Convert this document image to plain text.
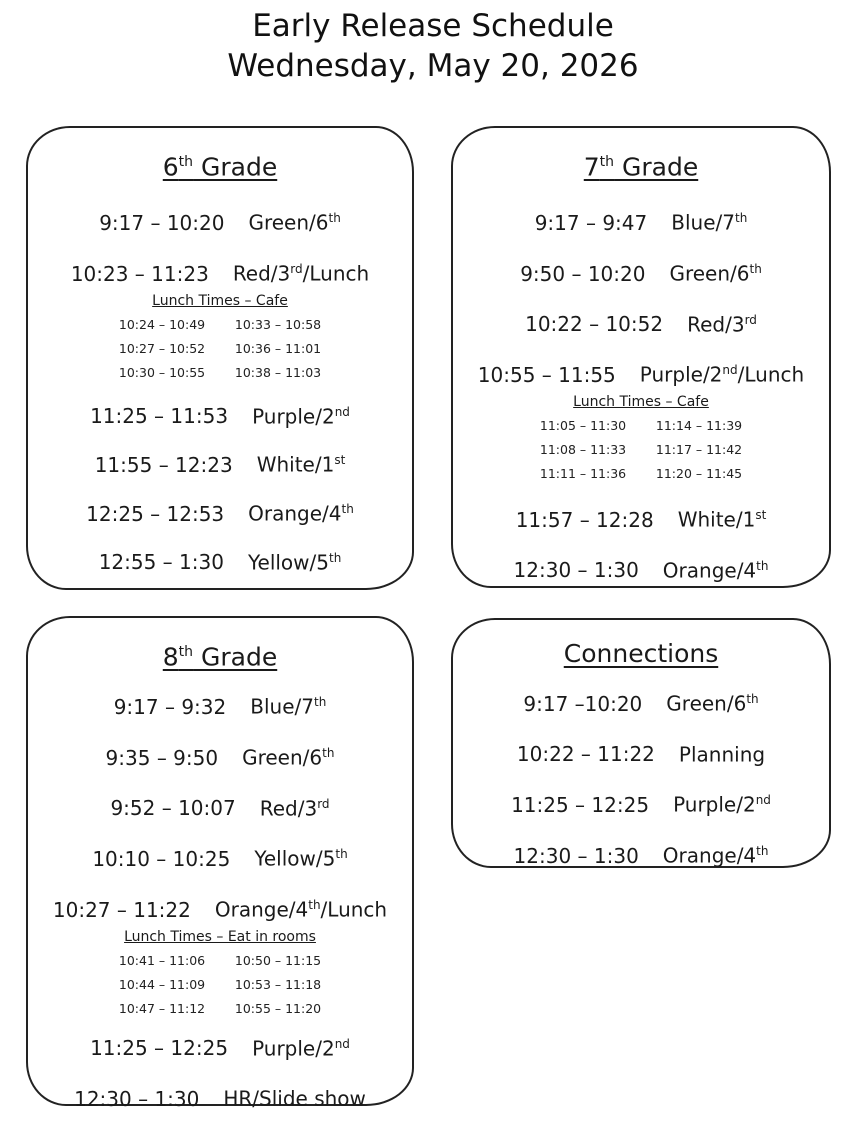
Early Release Schedule
Wednesday, May 20, 2026
6th Grade
9:17 – 10:20 Green/6th
10:23 – 11:23 Red/3rd/Lunch
Lunch Times – Cafe
10:24 – 10:49	10:33 – 10:58
10:27 – 10:52	10:36 – 11:01
10:30 – 10:55	10:38 – 11:03
11:25 – 11:53 Purple/2nd
11:55 – 12:23 White/1st
12:25 – 12:53 Orange/4th
12:55 – 1:30 Yellow/5th
7th Grade
9:17 – 9:47 Blue/7th
9:50 – 10:20 Green/6th
10:22 – 10:52 Red/3rd
10:55 – 11:55 Purple/2nd/Lunch
Lunch Times – Cafe
11:05 – 11:30	11:14 – 11:39
11:08 – 11:33	11:17 – 11:42
11:11 – 11:36	11:20 – 11:45
11:57 – 12:28 White/1st
12:30 – 1:30 Orange/4th
8th Grade
9:17 – 9:32 Blue/7th
9:35 – 9:50 Green/6th
9:52 – 10:07 Red/3rd
10:10 – 10:25 Yellow/5th
10:27 – 11:22 Orange/4th/Lunch
Lunch Times – Eat in rooms
10:41 – 11:06	10:50 – 11:15
10:44 – 11:09	10:53 – 11:18
10:47 – 11:12	10:55 – 11:20
11:25 – 12:25 Purple/2nd
12:30 – 1:30 HR/Slide show
Connections
9:17 –10:20 Green/6th
10:22 – 11:22 Planning
11:25 – 12:25 Purple/2nd
12:30 – 1:30 Orange/4th
